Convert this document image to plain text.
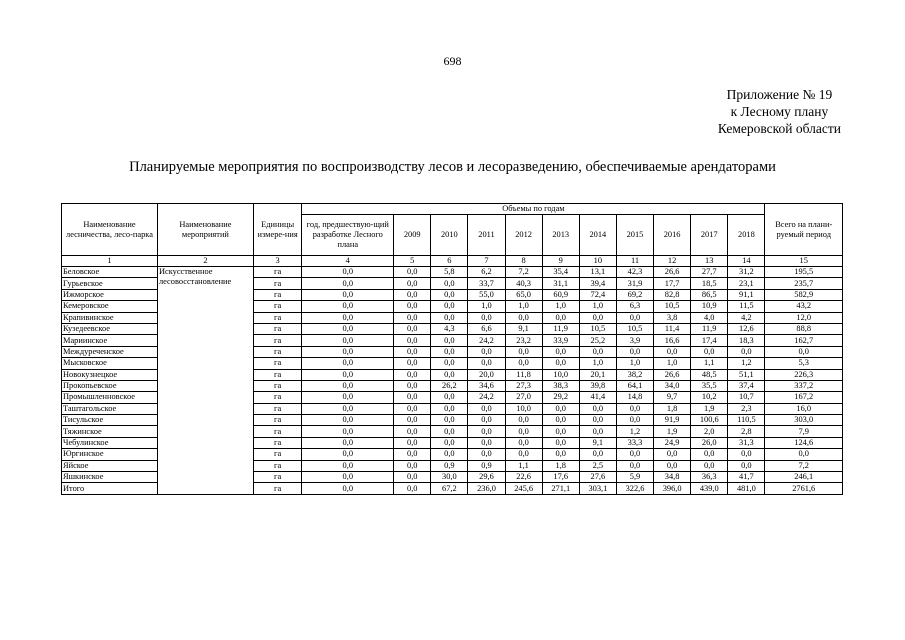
698
Приложение № 19
к Лесному плану
Кемеровской области
Планируемые мероприятия по воспроизводству лесов и лесоразведению, обеспечиваемые арендаторами
Наименование лесничества, лесо-парка	Наименование мероприятий	Единицы измере-ния	Объемы по годам											Всего на плани-руемый период
			год, предшествую-щий разработке Лесного плана	2009	2010	2011	2012	2013	2014	2015	2016	2017	2018	
1	2	3	4	5	6	7	8	9	10	11	12	13	14	15
Беловское	Искусственное лесовосстановление	га	0,0	0,0	5,8	6,2	7,2	35,4	13,1	42,3	26,6	27,7	31,2	195,5
Гурьевское		га	0,0	0,0	0,0	33,7	40,3	31,1	39,4	31,9	17,7	18,5	23,1	235,7
Ижморское		га	0,0	0,0	0,0	55,0	65,0	60,9	72,4	69,2	82,8	86,5	91,1	582,9
Кемеровское		га	0,0	0,0	0,0	1,0	1,0	1,0	1,0	6,3	10,5	10,9	11,5	43,2
Крапивинское		га	0,0	0,0	0,0	0,0	0,0	0,0	0,0	0,0	3,8	4,0	4,2	12,0
Кузедеевское		га	0,0	0,0	4,3	6,6	9,1	11,9	10,5	10,5	11,4	11,9	12,6	88,8
Мариинское		га	0,0	0,0	0,0	24,2	23,2	33,9	25,2	3,9	16,6	17,4	18,3	162,7
Междуреченское		га	0,0	0,0	0,0	0,0	0,0	0,0	0,0	0,0	0,0	0,0	0,0	0,0
Мысковское		га	0,0	0,0	0,0	0,0	0,0	0,0	1,0	1,0	1,0	1,1	1,2	5,3
Новокузнецкое		га	0,0	0,0	0,0	20,0	11,8	10,0	20,1	38,2	26,6	48,5	51,1	226,3
Прокопьевское		га	0,0	0,0	26,2	34,6	27,3	38,3	39,8	64,1	34,0	35,5	37,4	337,2
Промышленновское		га	0,0	0,0	0,0	24,2	27,0	29,2	41,4	14,8	9,7	10,2	10,7	167,2
Таштагольское		га	0,0	0,0	0,0	0,0	10,0	0,0	0,0	0,0	1,8	1,9	2,3	16,0
Тисульское		га	0,0	0,0	0,0	0,0	0,0	0,0	0,0	0,0	91,9	100,6	110,5	303,0
Тяжинское		га	0,0	0,0	0,0	0,0	0,0	0,0	0,0	1,2	1,9	2,0	2,8	7,9
Чебулинское		га	0,0	0,0	0,0	0,0	0,0	0,0	9,1	33,3	24,9	26,0	31,3	124,6
Юргинское		га	0,0	0,0	0,0	0,0	0,0	0,0	0,0	0,0	0,0	0,0	0,0	0,0
Яйское		га	0,0	0,0	0,9	0,9	1,1	1,8	2,5	0,0	0,0	0,0	0,0	7,2
Яшкинское		га	0,0	0,0	30,0	29,6	22,6	17,6	27,6	5,9	34,8	36,3	41,7	246,1
Итого		га	0,0	0,0	67,2	236,0	245,6	271,1	303,1	322,6	396,0	439,0	481,0	2761,6
